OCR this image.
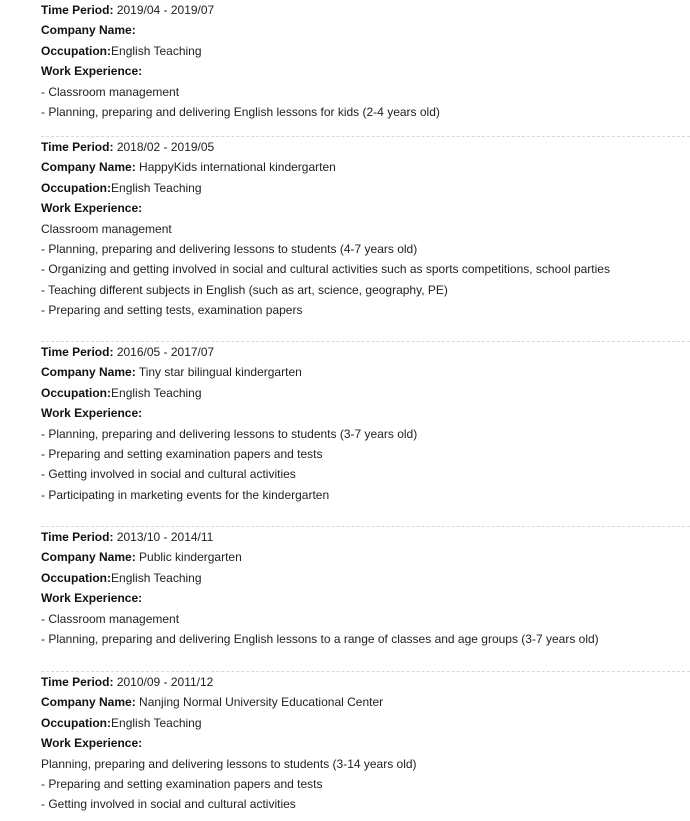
Time Period: 2019/04 - 2019/07
Company Name:
Occupation:English Teaching
Work Experience:
- Classroom management
- Planning, preparing and delivering English lessons for kids (2-4 years old)
Time Period: 2018/02 - 2019/05
Company Name: HappyKids international kindergarten
Occupation:English Teaching
Work Experience:
Classroom management
- Planning, preparing and delivering lessons to students (4-7 years old)
- Organizing and getting involved in social and cultural activities such as sports competitions, school parties
- Teaching different subjects in English (such as art, science, geography, PE)
- Preparing and setting tests, examination papers
Time Period: 2016/05 - 2017/07
Company Name: Tiny star bilingual kindergarten
Occupation:English Teaching
Work Experience:
- Planning, preparing and delivering lessons to students (3-7 years old)
- Preparing and setting examination papers and tests
- Getting involved in social and cultural activities
- Participating in marketing events for the kindergarten
Time Period: 2013/10 - 2014/11
Company Name: Public kindergarten
Occupation:English Teaching
Work Experience:
- Classroom management
- Planning, preparing and delivering English lessons to a range of classes and age groups (3-7 years old)
Time Period: 2010/09 - 2011/12
Company Name: Nanjing Normal University Educational Center
Occupation:English Teaching
Work Experience:
Planning, preparing and delivering lessons to students (3-14 years old)
- Preparing and setting examination papers and tests
- Getting involved in social and cultural activities
